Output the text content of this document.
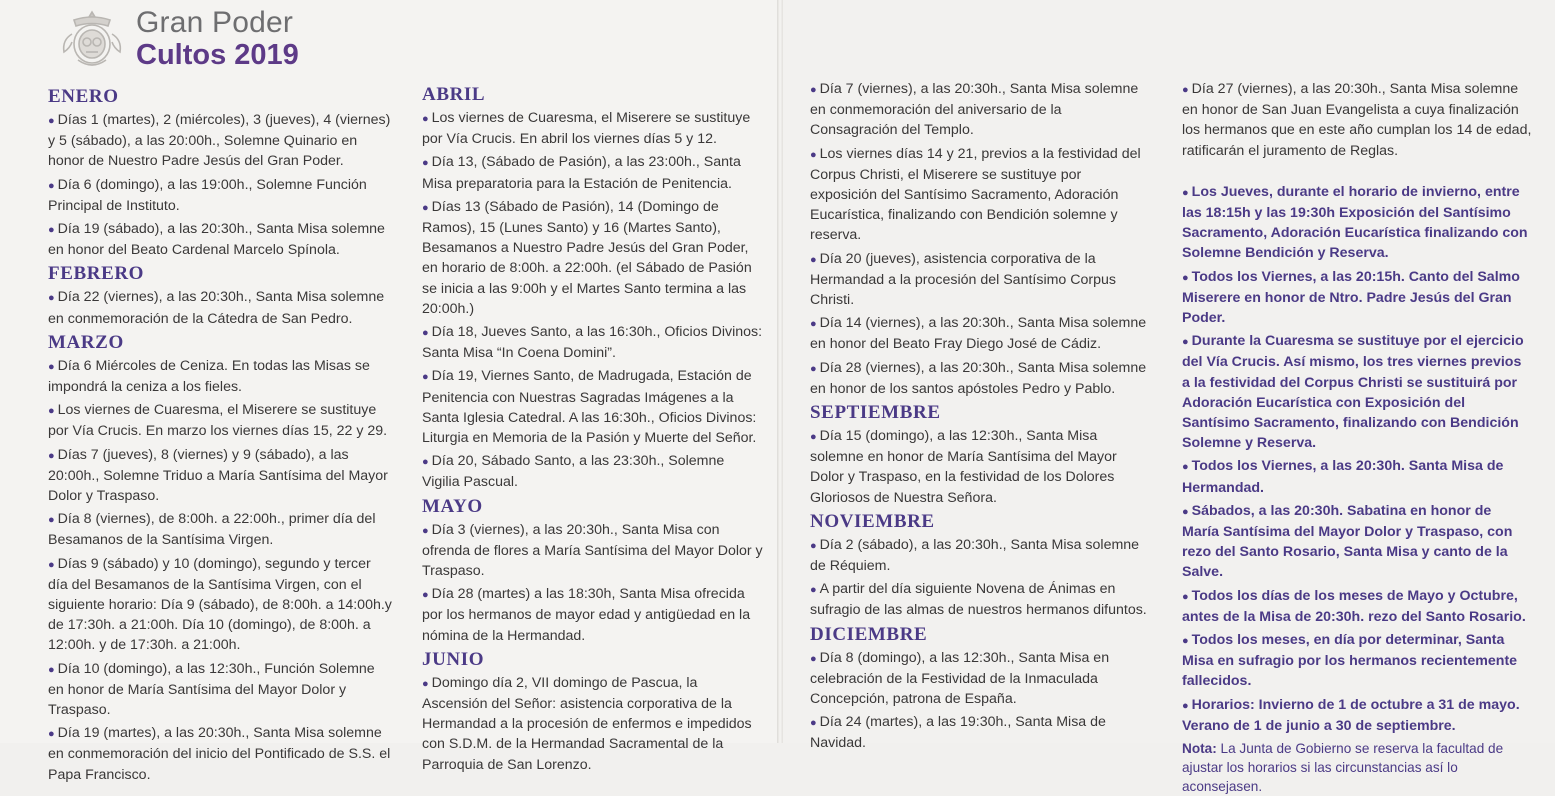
Gran Poder
Cultos 2019
ENERO

● Días 1 (martes), 2 (miércoles), 3 (jueves), 4 (viernes) y 5 (sábado), a las 20:00h., Solemne Quinario en honor de Nuestro Padre Jesús del Gran Poder.

● Día 6 (domingo), a las 19:00h., Solemne Función Principal de Instituto.

● Día 19 (sábado), a las 20:30h., Santa Misa solemne en honor del Beato Cardenal Marcelo Spínola.

FEBRERO

● Día 22 (viernes), a las 20:30h., Santa Misa solemne en conmemoración de la Cátedra de San Pedro.

MARZO

● Día 6 Miércoles de Ceniza. En todas las Misas se impondrá la ceniza a los fieles.

● Los viernes de Cuaresma, el Miserere se sustituye por Vía Crucis. En marzo los viernes días 15, 22 y 29.

● Días 7 (jueves), 8 (viernes) y 9 (sábado), a las 20:00h., Solemne Triduo a María Santísima del Mayor Dolor y Traspaso.

● Día 8 (viernes), de 8:00h. a 22:00h., primer día del Besamanos de la Santísima Virgen.

● Días 9 (sábado) y 10 (domingo), segundo y tercer día del Besamanos de la Santísima Virgen, con el siguiente horario: Día 9 (sábado), de 8:00h. a 14:00h.y de 17:30h. a 21:00h. Día 10 (domingo), de 8:00h. a 12:00h. y de 17:30h. a 21:00h.

● Día 10 (domingo), a las 12:30h., Función Solemne en honor de María Santísima del Mayor Dolor y Traspaso.

● Día 19 (martes), a las 20:30h., Santa Misa solemne en conmemoración del inicio del Pontificado de S.S. el Papa Francisco.

ABRIL

● Los viernes de Cuaresma, el Miserere se sustituye por Vía Crucis. En abril los viernes días 5 y 12.

● Día 13, (Sábado de Pasión), a las 23:00h., Santa Misa preparatoria para la Estación de Penitencia.

● Días 13 (Sábado de Pasión), 14 (Domingo de Ramos), 15 (Lunes Santo) y 16 (Martes Santo), Besamanos a Nuestro Padre Jesús del Gran Poder, en horario de 8:00h. a 22:00h. (el Sábado de Pasión se inicia a las 9:00h y el Martes Santo termina a las 20:00h.)

● Día 18, Jueves Santo, a las 16:30h., Oficios Divinos: Santa Misa “In Coena Domini”.

● Día 19, Viernes Santo, de Madrugada, Estación de Penitencia con Nuestras Sagradas Imágenes a la Santa Iglesia Catedral. A las 16:30h., Oficios Divinos: Liturgia en Memoria de la Pasión y Muerte del Señor.

● Día 20, Sábado Santo, a las 23:30h., Solemne Vigilia Pascual.

MAYO

● Día 3 (viernes), a las 20:30h., Santa Misa con ofrenda de flores a María Santísima del Mayor Dolor y Traspaso.

● Día 28 (martes) a las 18:30h, Santa Misa ofrecida por los hermanos de mayor edad y antigüedad en la nómina de la Hermandad.

JUNIO

● Domingo día 2, VII domingo de Pascua, la Ascensión del Señor: asistencia corporativa de la Hermandad a la procesión de enfermos e impedidos con S.D.M. de la Hermandad Sacramental de la Parroquia de San Lorenzo.

● Día 7 (viernes), a las 20:30h., Santa Misa solemne en conmemoración del aniversario de la Consagración del Templo.

● Los viernes días 14 y 21, previos a la festividad del Corpus Christi, el Miserere se sustituye por exposición del Santísimo Sacramento, Adoración Eucarística, finalizando con Bendición solemne y reserva.

● Día 20 (jueves), asistencia corporativa de la Hermandad a la procesión del Santísimo Corpus Christi.

● Día 14 (viernes), a las 20:30h., Santa Misa solemne en honor del Beato Fray Diego José de Cádiz.

● Día 28 (viernes), a las 20:30h., Santa Misa solemne en honor de los santos apóstoles Pedro y Pablo.

SEPTIEMBRE

● Día 15 (domingo), a las 12:30h., Santa Misa solemne en honor de María Santísima del Mayor Dolor y Traspaso, en la festividad de los Dolores Gloriosos de Nuestra Señora.

NOVIEMBRE

● Día 2 (sábado), a las 20:30h., Santa Misa solemne de Réquiem.

● A partir del día siguiente Novena de Ánimas en sufragio de las almas de nuestros hermanos difuntos.

DICIEMBRE

● Día 8 (domingo), a las 12:30h., Santa Misa en celebración de la Festividad de la Inmaculada Concepción, patrona de España.

● Día 24 (martes), a las 19:30h., Santa Misa de Navidad.

● Día 27 (viernes), a las 20:30h., Santa Misa solemne en honor de San Juan Evangelista a cuya finalización los hermanos que en este año cumplan los 14 de edad, ratificarán el juramento de Reglas.

● Los Jueves, durante el horario de invierno, entre las 18:15h y las 19:30h Exposición del Santísimo Sacramento, Adoración Eucarística finalizando con Solemne Bendición y Reserva.

● Todos los Viernes, a las 20:15h. Canto del Salmo Miserere en honor de Ntro. Padre Jesús del Gran Poder.

● Durante la Cuaresma se sustituye por el ejercicio del Vía Crucis. Así mismo, los tres viernes previos a la festividad del Corpus Christi se sustituirá por Adoración Eucarística con Exposición del Santísimo Sacramento, finalizando con Bendición Solemne y Reserva.

● Todos los Viernes, a las 20:30h. Santa Misa de Hermandad.

● Sábados, a las 20:30h. Sabatina en honor de María Santísima del Mayor Dolor y Traspaso, con rezo del Santo Rosario, Santa Misa y canto de la Salve.

● Todos los días de los meses de Mayo y Octubre, antes de la Misa de 20:30h. rezo del Santo Rosario.

● Todos los meses, en día por determinar, Santa Misa en sufragio por los hermanos recientemente fallecidos.

● Horarios: Invierno de 1 de octubre a 31 de mayo. Verano de 1 de junio a 30 de septiembre.

Nota: La Junta de Gobierno se reserva la facultad de ajustar los horarios si las circunstancias así lo aconsejasen.
